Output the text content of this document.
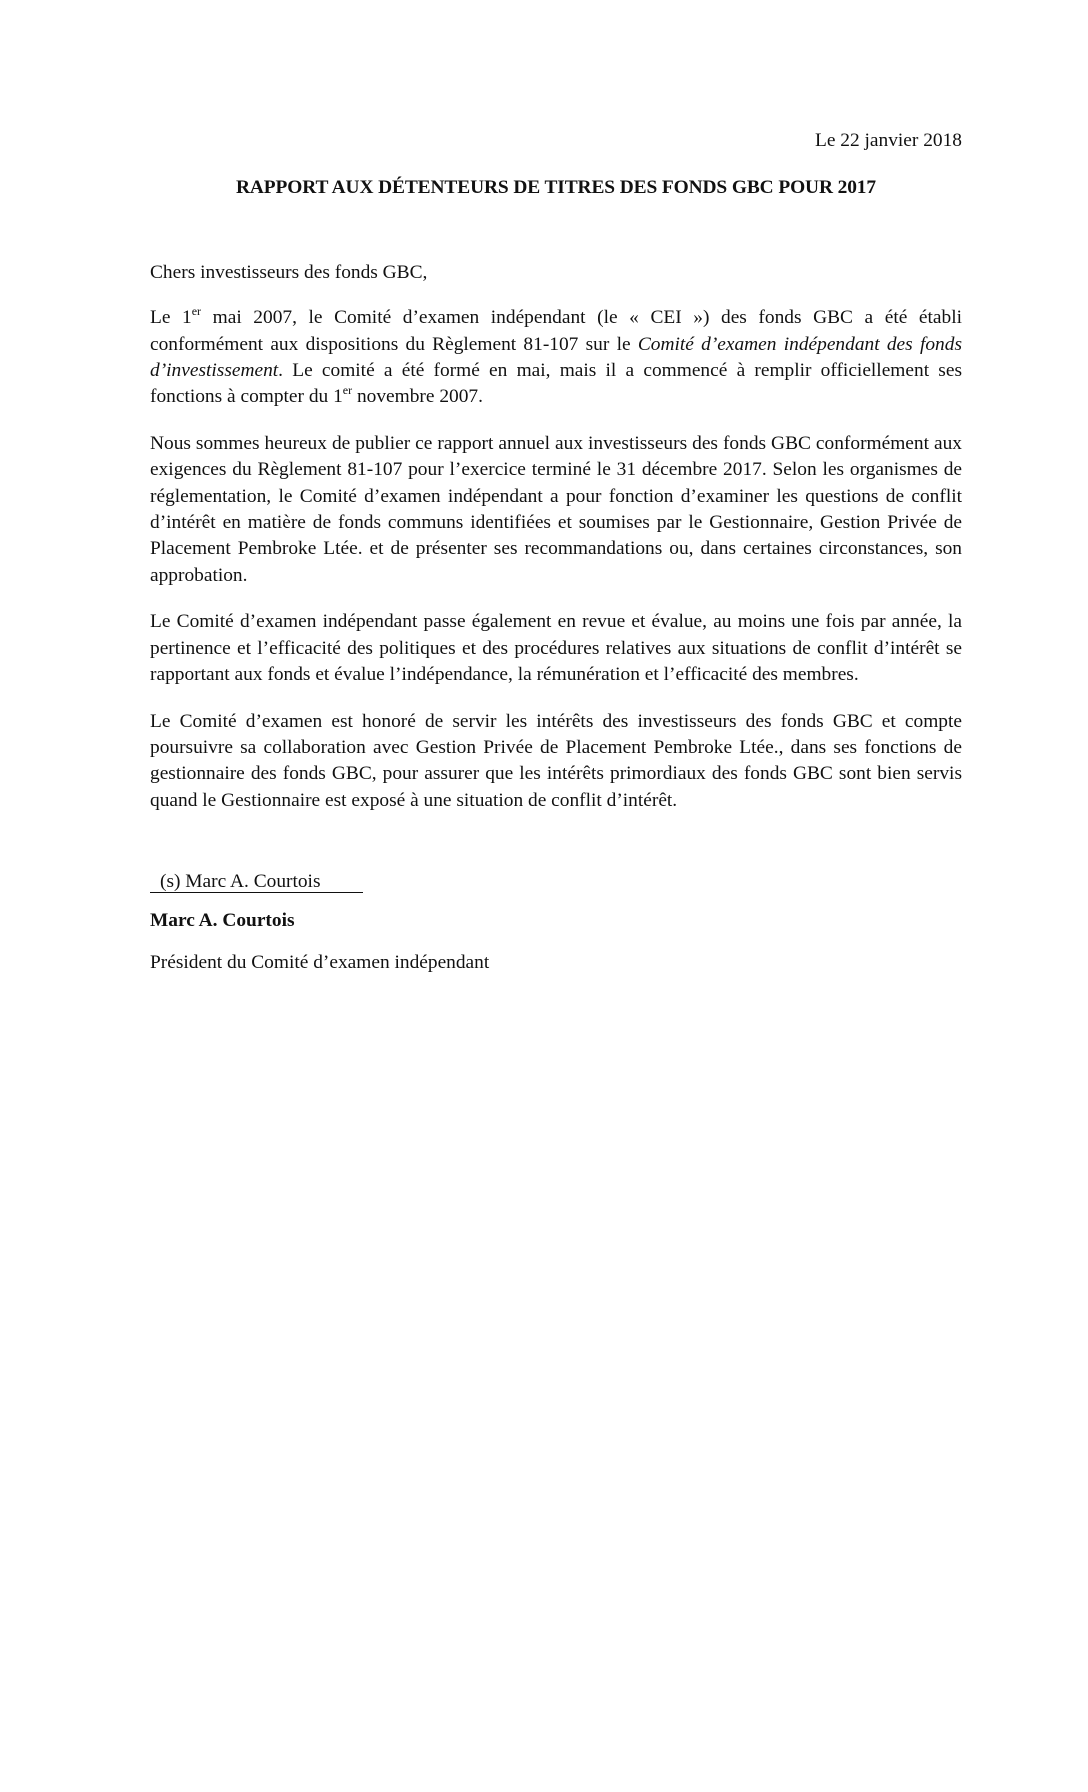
Le 22 janvier 2018

RAPPORT AUX DÉTENTEURS DE TITRES DES FONDS GBC POUR 2017

Chers investisseurs des fonds GBC,

Le 1er mai 2007, le Comité d’examen indépendant (le « CEI ») des fonds GBC a été établi conformément aux dispositions du Règlement 81-107 sur le Comité d’examen indépendant des fonds d’investissement. Le comité a été formé en mai, mais il a commencé à remplir officiellement ses fonctions à compter du 1er novembre 2007.

Nous sommes heureux de publier ce rapport annuel aux investisseurs des fonds GBC conformément aux exigences du Règlement 81-107 pour l’exercice terminé le 31 décembre 2017. Selon les organismes de réglementation, le Comité d’examen indépendant a pour fonction d’examiner les questions de conflit d’intérêt en matière de fonds communs identifiées et soumises par le Gestionnaire, Gestion Privée de Placement Pembroke Ltée. et de présenter ses recommandations ou, dans certaines circonstances, son approbation.

Le Comité d’examen indépendant passe également en revue et évalue, au moins une fois par année, la pertinence et l’efficacité des politiques et des procédures relatives aux situations de conflit d’intérêt se rapportant aux fonds et évalue l’indépendance, la rémunération et l’efficacité des membres.

Le Comité d’examen est honoré de servir les intérêts des investisseurs des fonds GBC et compte poursuivre sa collaboration avec Gestion Privée de Placement Pembroke Ltée., dans ses fonctions de gestionnaire des fonds GBC, pour assurer que les intérêts primordiaux des fonds GBC sont bien servis quand le Gestionnaire est exposé à une situation de conflit d’intérêt.

(s) Marc A. Courtois

Marc A. Courtois

Président du Comité d’examen indépendant
